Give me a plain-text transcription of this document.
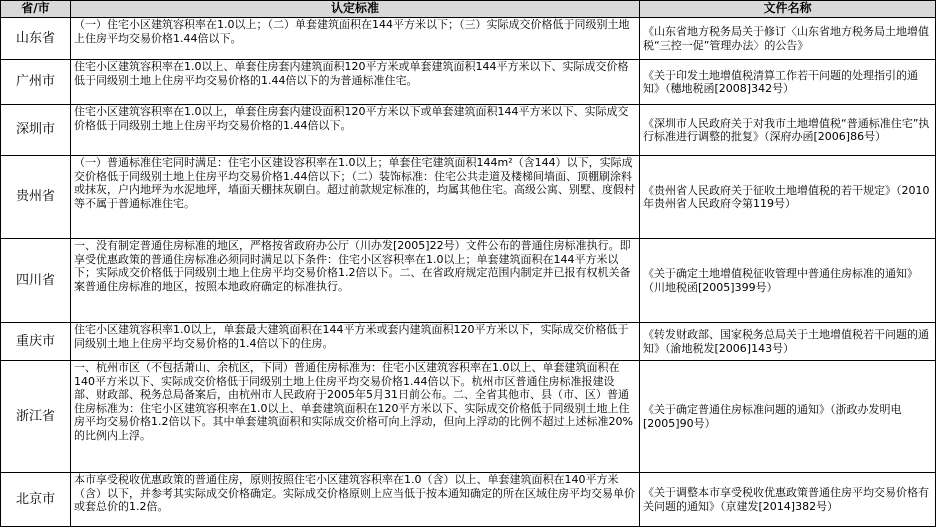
省/市	认定标准	文件名称
山东省	（一）住宅小区建筑容积率在1.0以上；（二）单套建筑面积在144平方米以下；（三）实际成交价格低于同级别土地上住房平均交易价格1.44倍以下。	《山东省地方税务局关于修订〈山东省地方税务局土地增值税“三控一促”管理办法〉的公告》
广州市	住宅小区建筑容积率在1.0以上、单套住房套内建筑面积120平方米或单套建筑面积144平方米以下、实际成交价格低于同级别土地上住房平均交易价格的1.44倍以下的为普通标准住宅。	《关于印发土地增值税清算工作若干问题的处理指引的通知》（穗地税函[2008]342号）
深圳市	住宅小区建筑容积率在1.0以上，单套住房套内建设面积120平方米以下或单套建筑面积144平方米以下、实际成交价格低于同级别土地上住房平均交易价格的1.44倍以下。	《深圳市人民政府关于对我市土地增值税“普通标准住宅”执行标准进行调整的批复》（深府办函[2006]86号）
贵州省	（一）普通标准住宅同时满足：住宅小区建设容积率在1.0以上；单套住宅建筑面积144m²（含144）以下，实际成交价格低于同级别土地上住房平均交易价格1.44倍以下；（二）装饰标准：住宅公共走道及楼梯间墙面、顶棚刷涂料或抹灰，户内地坪为水泥地坪，墙面天棚抹灰刷白。超过前款规定标准的，均属其他住宅。高级公寓、别墅、度假村等不属于普通标准住宅。	《贵州省人民政府关于征收土地增值税的若干规定》（2010年贵州省人民政府令第119号）
四川省	一、没有制定普通住房标准的地区，严格按省政府办公厅（川办发[2005]22号）文件公布的普通住房标准执行。即享受优惠政策的普通住房标准必须同时满足以下条件：住宅小区容积率在1.0以上；单套建筑面积在144平方米以下；实际成交价格低于同级别土地上住房平均交易价格1.2倍以下。二、在省政府规定范围内制定并已报有权机关备案普通住房标准的地区，按照本地政府确定的标准执行。	《关于确定土地增值税征收管理中普通住房标准的通知》（川地税函[2005]399号）
重庆市	住宅小区建筑容积率1.0以上，单套最大建筑面积在144平方米或套内建筑面积120平方米以下，实际成交价格低于同级别土地上住房平均交易价格的1.4倍以下的住房。	《转发财政部、国家税务总局关于土地增值税若干问题的通知》（渝地税发[2006]143号）
浙江省	一、杭州市区（不包括萧山、余杭区，下同）普通住房标准为：住宅小区建筑容积率在1.0以上、单套建筑面积在140平方米以下、实际成交价格低于同级别土地上住房平均交易价格1.44倍以下。杭州市区普通住房标准报建设部、财政部、税务总局备案后，由杭州市人民政府于2005年5月31日前公布。二、全省其他市、县（市、区）普通住房标准为：住宅小区建筑容积率在1.0以上、单套建筑面积在120平方米以下、实际成交价格低于同级别土地上住房平均交易价格1.2倍以下。其中单套建筑面积和实际成交价格可向上浮动，但向上浮动的比例不超过上述标准20%的比例内上浮。	《关于确定普通住房标准问题的通知》（浙政办发明电[2005]90号）
北京市	本市享受税收优惠政策的普通住房，原则按照住宅小区建筑容积率在1.0（含）以上、单套建筑面积在140平方米（含）以下，并参考其实际成交价格确定。实际成交价格原则上应当低于按本通知确定的所在区域住房平均交易单价或套总价的1.2倍。	《关于调整本市享受税收优惠政策普通住房平均交易价格有关问题的通知》（京建发[2014]382号）
